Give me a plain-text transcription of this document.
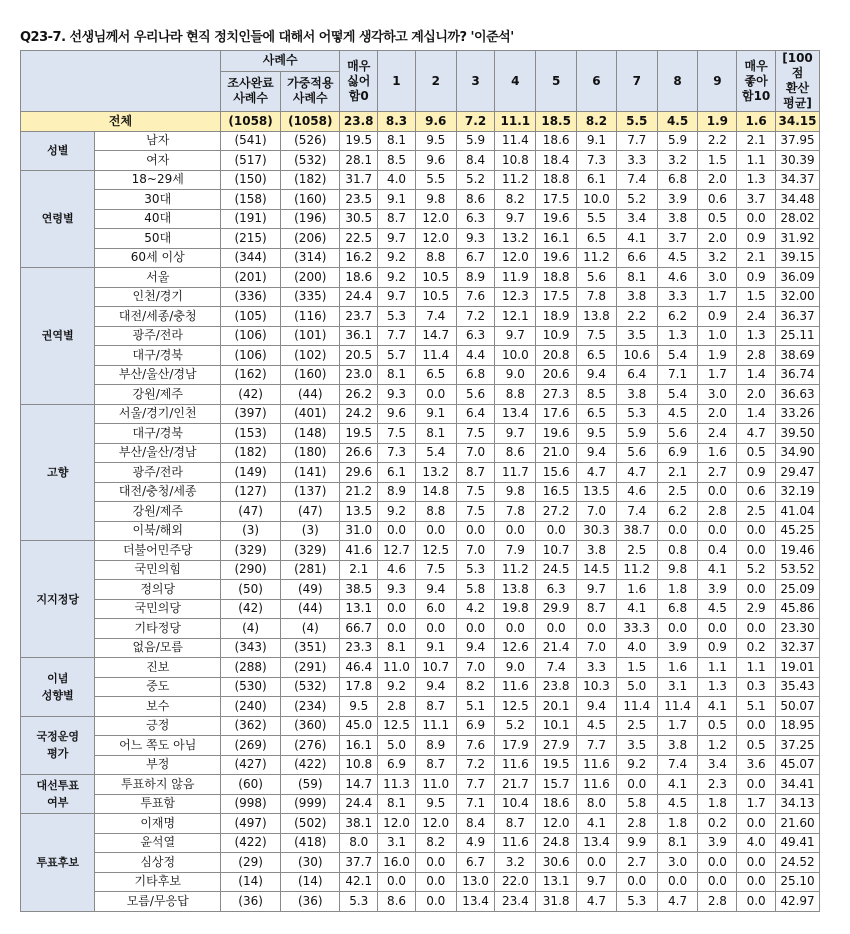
Q23-7. 선생님께서 우리나라 현직 정치인들에 대해서 어떻게 생각하고 계십니까? '이준석'
		사례수		매우
싫어
함0	1	2	3	4	5	6	7	8	9	매우
좋아
함10	[100
점
환산
평균]
		조사완료
사례수	가중적용
사례수												
전체		(1058)	(1058)	23.8	8.3	9.6	7.2	11.1	18.5	8.2	5.5	4.5	1.9	1.6	34.15
성별	남자	(541)	(526)	19.5	8.1	9.5	5.9	11.4	18.6	9.1	7.7	5.9	2.2	2.1	37.95
	여자	(517)	(532)	28.1	8.5	9.6	8.4	10.8	18.4	7.3	3.3	3.2	1.5	1.1	30.39
연령별	18~29세	(150)	(182)	31.7	4.0	5.5	5.2	11.2	18.8	6.1	7.4	6.8	2.0	1.3	34.37
	30대	(158)	(160)	23.5	9.1	9.8	8.6	8.2	17.5	10.0	5.2	3.9	0.6	3.7	34.48
	40대	(191)	(196)	30.5	8.7	12.0	6.3	9.7	19.6	5.5	3.4	3.8	0.5	0.0	28.02
	50대	(215)	(206)	22.5	9.7	12.0	9.3	13.2	16.1	6.5	4.1	3.7	2.0	0.9	31.92
	60세 이상	(344)	(314)	16.2	9.2	8.8	6.7	12.0	19.6	11.2	6.6	4.5	3.2	2.1	39.15
권역별	서울	(201)	(200)	18.6	9.2	10.5	8.9	11.9	18.8	5.6	8.1	4.6	3.0	0.9	36.09
	인천/경기	(336)	(335)	24.4	9.7	10.5	7.6	12.3	17.5	7.8	3.8	3.3	1.7	1.5	32.00
	대전/세종/충청	(105)	(116)	23.7	5.3	7.4	7.2	12.1	18.9	13.8	2.2	6.2	0.9	2.4	36.37
	광주/전라	(106)	(101)	36.1	7.7	14.7	6.3	9.7	10.9	7.5	3.5	1.3	1.0	1.3	25.11
	대구/경북	(106)	(102)	20.5	5.7	11.4	4.4	10.0	20.8	6.5	10.6	5.4	1.9	2.8	38.69
	부산/울산/경남	(162)	(160)	23.0	8.1	6.5	6.8	9.0	20.6	9.4	6.4	7.1	1.7	1.4	36.74
	강원/제주	(42)	(44)	26.2	9.3	0.0	5.6	8.8	27.3	8.5	3.8	5.4	3.0	2.0	36.63
고향	서울/경기/인천	(397)	(401)	24.2	9.6	9.1	6.4	13.4	17.6	6.5	5.3	4.5	2.0	1.4	33.26
	대구/경북	(153)	(148)	19.5	7.5	8.1	7.5	9.7	19.6	9.5	5.9	5.6	2.4	4.7	39.50
	부산/울산/경남	(182)	(180)	26.6	7.3	5.4	7.0	8.6	21.0	9.4	5.6	6.9	1.6	0.5	34.90
	광주/전라	(149)	(141)	29.6	6.1	13.2	8.7	11.7	15.6	4.7	4.7	2.1	2.7	0.9	29.47
	대전/충청/세종	(127)	(137)	21.2	8.9	14.8	7.5	9.8	16.5	13.5	4.6	2.5	0.0	0.6	32.19
	강원/제주	(47)	(47)	13.5	9.2	8.8	7.5	7.8	27.2	7.0	7.4	6.2	2.8	2.5	41.04
	이북/해외	(3)	(3)	31.0	0.0	0.0	0.0	0.0	0.0	30.3	38.7	0.0	0.0	0.0	45.25
지지정당	더불어민주당	(329)	(329)	41.6	12.7	12.5	7.0	7.9	10.7	3.8	2.5	0.8	0.4	0.0	19.46
	국민의힘	(290)	(281)	2.1	4.6	7.5	5.3	11.2	24.5	14.5	11.2	9.8	4.1	5.2	53.52
	정의당	(50)	(49)	38.5	9.3	9.4	5.8	13.8	6.3	9.7	1.6	1.8	3.9	0.0	25.09
	국민의당	(42)	(44)	13.1	0.0	6.0	4.2	19.8	29.9	8.7	4.1	6.8	4.5	2.9	45.86
	기타정당	(4)	(4)	66.7	0.0	0.0	0.0	0.0	0.0	0.0	33.3	0.0	0.0	0.0	23.30
	없음/모름	(343)	(351)	23.3	8.1	9.1	9.4	12.6	21.4	7.0	4.0	3.9	0.9	0.2	32.37
이념
성향별	진보	(288)	(291)	46.4	11.0	10.7	7.0	9.0	7.4	3.3	1.5	1.6	1.1	1.1	19.01
	중도	(530)	(532)	17.8	9.2	9.4	8.2	11.6	23.8	10.3	5.0	3.1	1.3	0.3	35.43
	보수	(240)	(234)	9.5	2.8	8.7	5.1	12.5	20.1	9.4	11.4	11.4	4.1	5.1	50.07
국정운영
평가	긍정	(362)	(360)	45.0	12.5	11.1	6.9	5.2	10.1	4.5	2.5	1.7	0.5	0.0	18.95
	어느 쪽도 아님	(269)	(276)	16.1	5.0	8.9	7.6	17.9	27.9	7.7	3.5	3.8	1.2	0.5	37.25
	부정	(427)	(422)	10.8	6.9	8.7	7.2	11.6	19.5	11.6	9.2	7.4	3.4	3.6	45.07
대선투표
여부	투표하지 않음	(60)	(59)	14.7	11.3	11.0	7.7	21.7	15.7	11.6	0.0	4.1	2.3	0.0	34.41
	투표함	(998)	(999)	24.4	8.1	9.5	7.1	10.4	18.6	8.0	5.8	4.5	1.8	1.7	34.13
투표후보	이재명	(497)	(502)	38.1	12.0	12.0	8.4	8.7	12.0	4.1	2.8	1.8	0.2	0.0	21.60
	윤석열	(422)	(418)	8.0	3.1	8.2	4.9	11.6	24.8	13.4	9.9	8.1	3.9	4.0	49.41
	심상정	(29)	(30)	37.7	16.0	0.0	6.7	3.2	30.6	0.0	2.7	3.0	0.0	0.0	24.52
	기타후보	(14)	(14)	42.1	0.0	0.0	13.0	22.0	13.1	9.7	0.0	0.0	0.0	0.0	25.10
	모름/무응답	(36)	(36)	5.3	8.6	0.0	13.4	23.4	31.8	4.7	5.3	4.7	2.8	0.0	42.97
